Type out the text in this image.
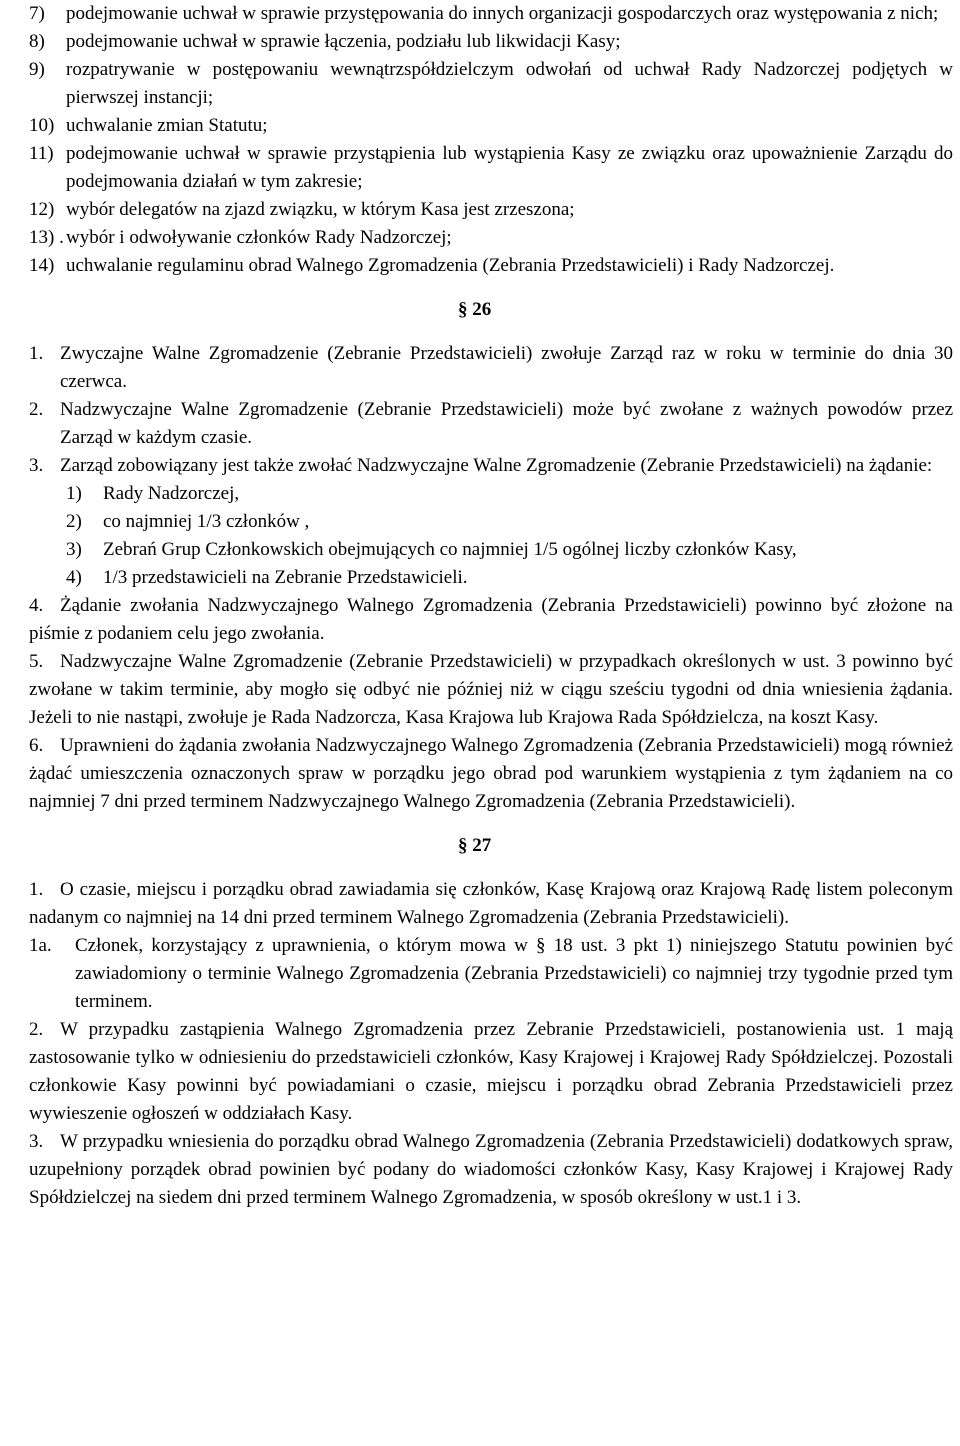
7) podejmowanie uchwał w sprawie przystępowania do innych organizacji gospodarczych oraz występowania z nich;

8) podejmowanie uchwał w sprawie łączenia, podziału lub likwidacji Kasy;

9) rozpatrywanie w postępowaniu wewnątrzspółdzielczym odwołań od uchwał Rady Nadzorczej podjętych w pierwszej instancji;

10) uchwalanie zmian Statutu;

11) podejmowanie uchwał w sprawie przystąpienia lub wystąpienia Kasy ze związku oraz upoważnienie Zarządu do podejmowania działań w tym zakresie;

12) wybór delegatów na zjazd związku, w którym Kasa jest zrzeszona;

13) . wybór i odwoływanie członków Rady Nadzorczej;

14) uchwalanie regulaminu obrad Walnego Zgromadzenia (Zebrania Przedstawicieli) i Rady Nadzorczej.

§ 26

1. Zwyczajne Walne Zgromadzenie (Zebranie Przedstawicieli) zwołuje Zarząd raz w roku w terminie do dnia 30 czerwca.

2. Nadzwyczajne Walne Zgromadzenie (Zebranie Przedstawicieli) może być zwołane z ważnych powodów przez Zarząd w każdym czasie.

3. Zarząd zobowiązany jest także zwołać Nadzwyczajne Walne Zgromadzenie (Zebranie Przedstawicieli) na żądanie:

1) Rady Nadzorczej,

2) co najmniej 1/3 członków ,

3) Zebrań Grup Członkowskich obejmujących co najmniej 1/5 ogólnej liczby członków Kasy,

4) 1/3 przedstawicieli na Zebranie Przedstawicieli.

4. Żądanie zwołania Nadzwyczajnego Walnego Zgromadzenia (Zebrania Przedstawicieli) powinno być złożone na piśmie z podaniem celu jego zwołania.

5. Nadzwyczajne Walne Zgromadzenie (Zebranie Przedstawicieli) w przypadkach określonych w ust. 3 powinno być zwołane w takim terminie, aby mogło się odbyć nie później niż w ciągu sześciu tygodni od dnia wniesienia żądania. Jeżeli to nie nastąpi, zwołuje je Rada Nadzorcza, Kasa Krajowa lub Krajowa Rada Spółdzielcza, na koszt Kasy.

6. Uprawnieni do żądania zwołania Nadzwyczajnego Walnego Zgromadzenia (Zebrania Przedstawicieli) mogą również żądać umieszczenia oznaczonych spraw w porządku jego obrad pod warunkiem wystąpienia z tym żądaniem na co najmniej 7 dni przed terminem Nadzwyczajnego Walnego Zgromadzenia (Zebrania Przedstawicieli).

§ 27

1. O czasie, miejscu i porządku obrad zawiadamia się członków, Kasę Krajową oraz Krajową Radę listem poleconym nadanym co najmniej na 14 dni przed terminem Walnego Zgromadzenia (Zebrania Przedstawicieli).

1a. Członek, korzystający z uprawnienia, o którym mowa w § 18 ust. 3 pkt 1) niniejszego Statutu powinien być zawiadomiony o terminie Walnego Zgromadzenia (Zebrania Przedstawicieli) co najmniej trzy tygodnie przed tym terminem.

2. W przypadku zastąpienia Walnego Zgromadzenia przez Zebranie Przedstawicieli, postanowienia ust. 1 mają zastosowanie tylko w odniesieniu do przedstawicieli członków, Kasy Krajowej i Krajowej Rady Spółdzielczej. Pozostali członkowie Kasy powinni być powiadamiani o czasie, miejscu i porządku obrad Zebrania Przedstawicieli przez wywieszenie ogłoszeń w oddziałach Kasy.

3. W przypadku wniesienia do porządku obrad Walnego Zgromadzenia (Zebrania Przedstawicieli) dodatkowych spraw, uzupełniony porządek obrad powinien być podany do wiadomości członków Kasy, Kasy Krajowej i Krajowej Rady Spółdzielczej na siedem dni przed terminem Walnego Zgromadzenia, w sposób określony w ust.1 i 3.
